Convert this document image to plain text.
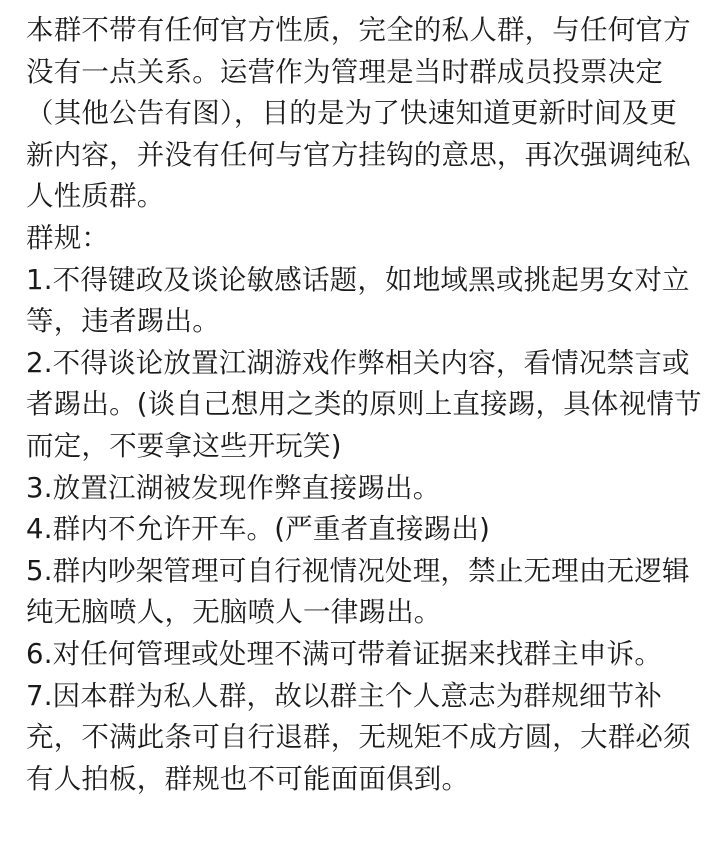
本群不带有任何官方性质，完全的私人群，与任何官方
没有一点关系。运营作为管理是当时群成员投票决定
（其他公告有图），目的是为了快速知道更新时间及更
新内容，并没有任何与官方挂钩的意思，再次强调纯私
人性质群。
群规：
1.不得键政及谈论敏感话题，如地域黑或挑起男女对立
等，违者踢出。
2.不得谈论放置江湖游戏作弊相关内容，看情况禁言或
者踢出。(谈自己想用之类的原则上直接踢，具体视情节
而定，不要拿这些开玩笑)
3.放置江湖被发现作弊直接踢出。
4.群内不允许开车。(严重者直接踢出)
5.群内吵架管理可自行视情况处理，禁止无理由无逻辑
纯无脑喷人，无脑喷人一律踢出。
6.对任何管理或处理不满可带着证据来找群主申诉。
7.因本群为私人群，故以群主个人意志为群规细节补
充，不满此条可自行退群，无规矩不成方圆，大群必须
有人拍板，群规也不可能面面俱到。
